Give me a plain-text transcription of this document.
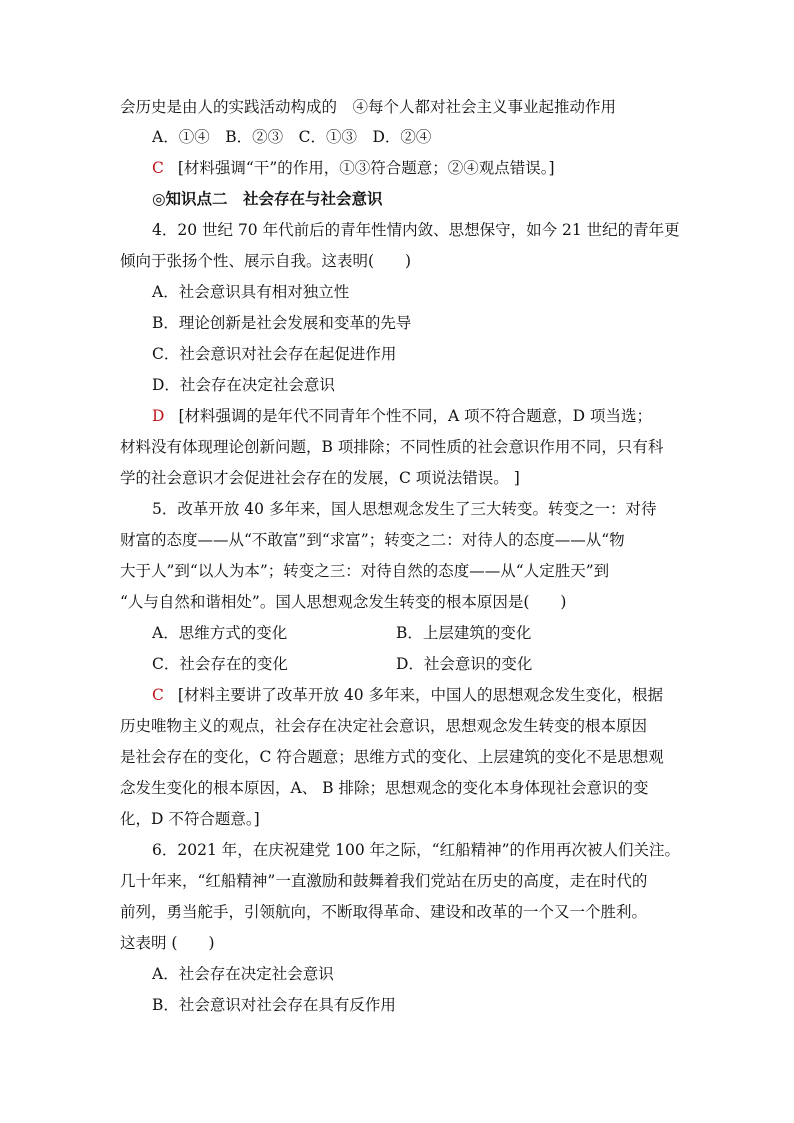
会历史是由人的实践活动构成的　④每个人都对社会主义事业起推动作用
A．①④　B．②③　C．①③　D．②④
C [材料强调“干”的作用，①③符合题意；②④观点错误。]
◎知识点二　社会存在与社会意识
4．20 世纪 70 年代前后的青年性情内敛、思想保守，如今 21 世纪的青年更
倾向于张扬个性、展示自我。这表明(　　)
A．社会意识具有相对独立性
B．理论创新是社会发展和变革的先导
C．社会意识对社会存在起促进作用
D．社会存在决定社会意识
D [材料强调的是年代不同青年个性不同，A 项不符合题意，D 项当选；
材料没有体现理论创新问题，B 项排除；不同性质的社会意识作用不同，只有科
学的社会意识才会促进社会存在的发展，C 项说法错误。 ]
5．改革开放 40 多年来，国人思想观念发生了三大转变。转变之一：对待
财富的态度——从“不敢富”到“求富”；转变之二：对待人的态度——从“物
大于人”到“以人为本”；转变之三：对待自然的态度——从“人定胜天”到
“人与自然和谐相处”。国人思想观念发生转变的根本原因是(　　)
A．思维方式的变化	B．上层建筑的变化
C．社会存在的变化	D．社会意识的变化
C [材料主要讲了改革开放 40 多年来，中国人的思想观念发生变化，根据
历史唯物主义的观点，社会存在决定社会意识，思想观念发生转变的根本原因
是社会存在的变化，C 符合题意；思维方式的变化、上层建筑的变化不是思想观
念发生变化的根本原因，A、 B 排除；思想观念的变化本身体现社会意识的变
化，D 不符合题意。]
6．2021 年，在庆祝建党 100 年之际，“红船精神”的作用再次被人们关注。
几十年来，“红船精神”一直激励和鼓舞着我们党站在历史的高度，走在时代的
前列，勇当舵手，引领航向，不断取得革命、建设和改革的一个又一个胜利。
这表明 (　　)
A．社会存在决定社会意识
B．社会意识对社会存在具有反作用
